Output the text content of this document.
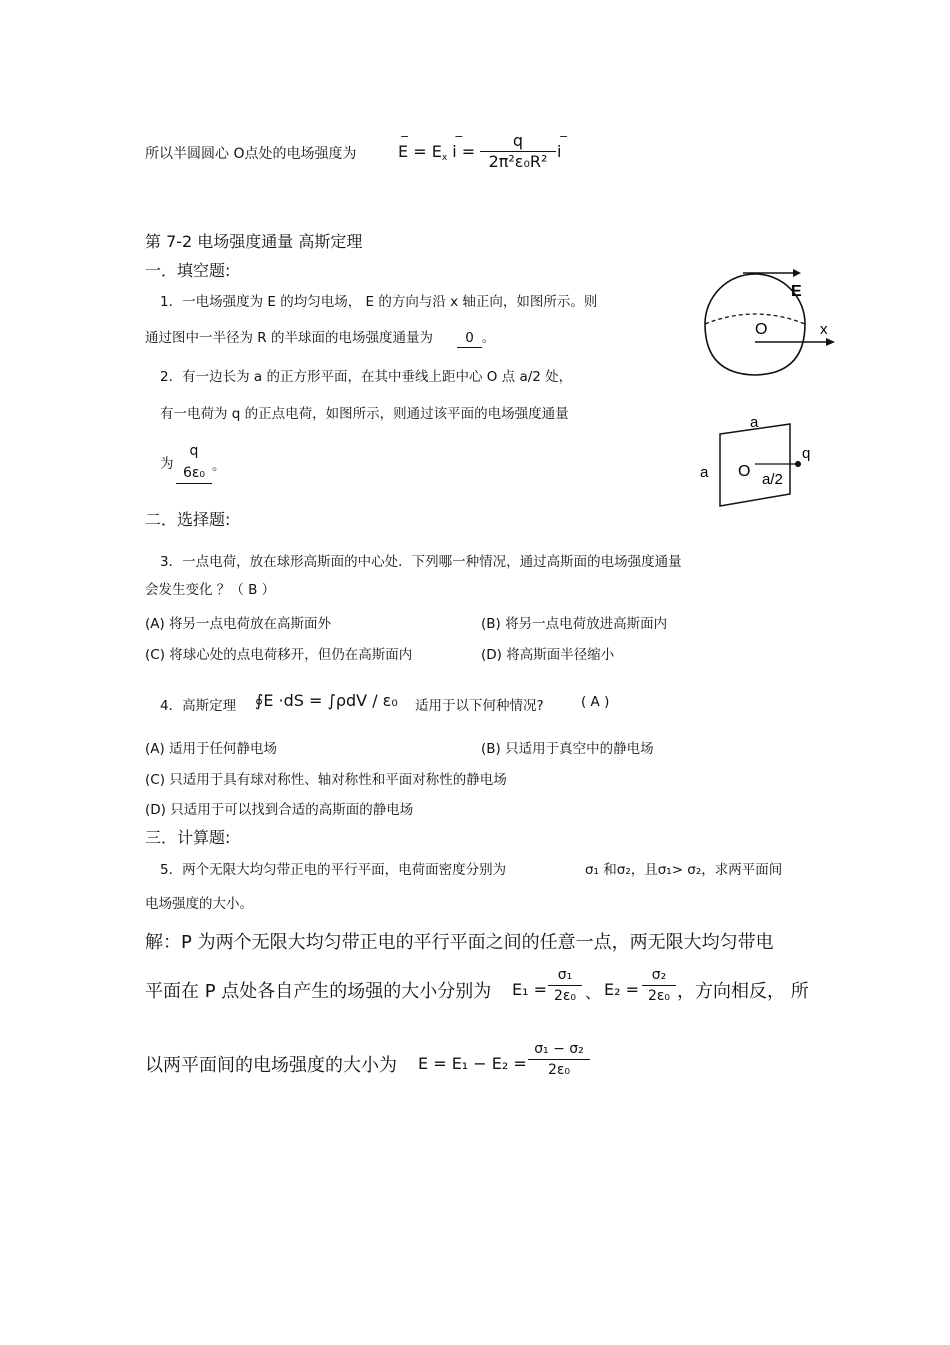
所以半圆圆心 O点处的电场强度为	− $E = E_x - i$ =
q
2π²ε₀R²
− i
第 7-2 电场强度通量 高斯定理
一．填空题:
1．一电场强度为 E 的均匀电场， E 的方向与沿 x 轴正向，如图所示。则
通过图中一半径为 R 的半球面的电场强度通量为 0 。
2．有一边长为 a 的正方形平面，在其中垂线上距中心 O 点 a/2 处，
有一电荷为 q 的正点电荷，如图所示，则通过该平面的电场强度通量
为
q
6ε₀ 。
E
O	x
a
a O
q
a/2
二．选择题:
3．一点电荷，放在球形高斯面的中心处．下列哪一种情况，通过高斯面的电场强度通量
会发生变化 ？（ B ）
(A) 将另一点电荷放在高斯面外	(B) 将另一点电荷放进高斯面内
(C) 将球心处的点电荷移开，但仍在高斯面内	(D) 将高斯面半径缩小
4．高斯定理 ∮E ·dS = ∫ρdV / ε₀ 适用于以下何种情况?	( A )
(A) 适用于任何静电场	(B) 只适用于真空中的静电场
(C) 只适用于具有球对称性、轴对称性和平面对称性的静电场
(D) 只适用于可以找到合适的高斯面的静电场
三．计算题:
5．两个无限大均匀带正电的平行平面，电荷面密度分别为	σ₁ 和σ₂，且σ₁> σ₂，求两平面间
电场强度的大小。
解：P 为两个无限大均匀带正电的平行平面之间的任意一点，两无限大均匀带电
平面在 P 点处各自产生的场强的大小分别为 E₁ =
σ₁
2ε₀ 、 E₂ =
σ₂
2ε₀ ，方向相反， 所
以两平面间的电场强度的大小为 E = E₁ − E₂ =
σ₁ − σ₂
2ε₀
